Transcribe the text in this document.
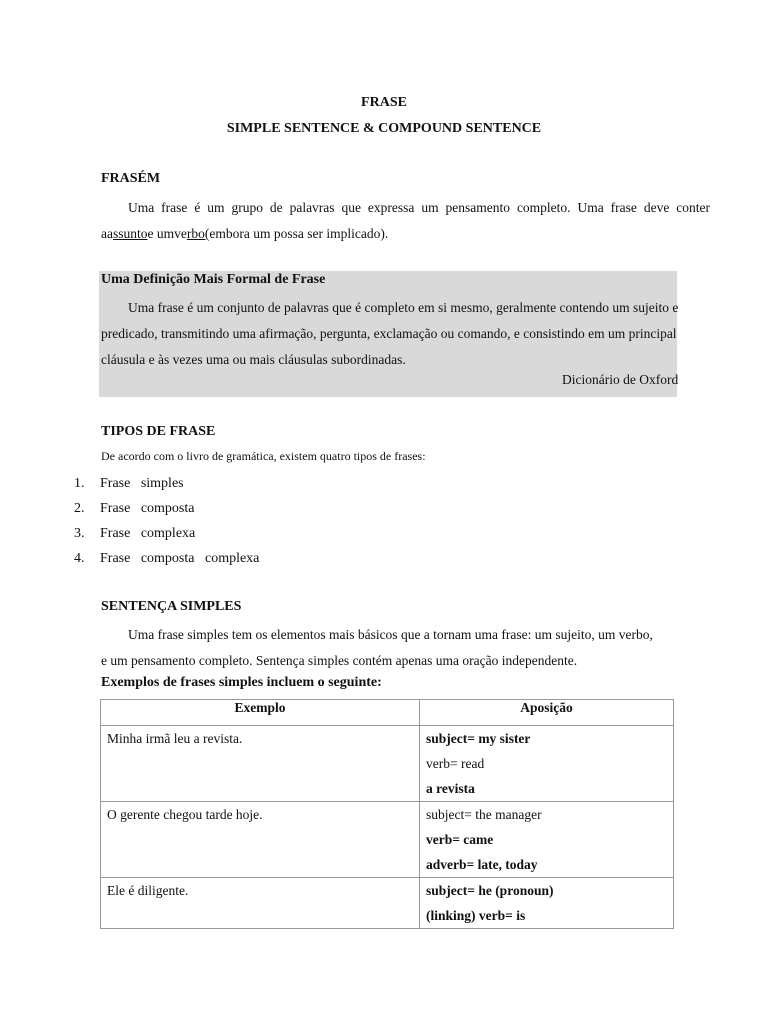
FRASE
SIMPLE SENTENCE & COMPOUND SENTENCE
FRASÉM
Uma frase é um grupo de palavras que expressa um pensamento completo. Uma frase deve conter
aassuntoe umverbo(embora um possa ser implicado).
Uma Definição Mais Formal de Frase
Uma frase é um conjunto de palavras que é completo em si mesmo, geralmente contendo um sujeito e
predicado, transmitindo uma afirmação, pergunta, exclamação ou comando, e consistindo em um principal
cláusula e às vezes uma ou mais cláusulas subordinadas.
Dicionário de Oxford
TIPOS DE FRASE
De acordo com o livro de gramática, existem quatro tipos de frases:
1. Frase   simples
2. Frase   composta
3. Frase   complexa
4. Frase   composta   complexa
SENTENÇA SIMPLES
Uma frase simples tem os elementos mais básicos que a tornam uma frase: um sujeito, um verbo,
e um pensamento completo. Sentença simples contém apenas uma oração independente.
Exemplos de frases simples incluem o seguinte:
Exemplo	Aposição

Minha irmã leu a revista.	subject= my sister
verb= read
a revista

O gerente chegou tarde hoje.	subject= the manager
verb= came
adverb= late, today

Ele é diligente.	subject= he (pronoun)
(linking) verb= is
